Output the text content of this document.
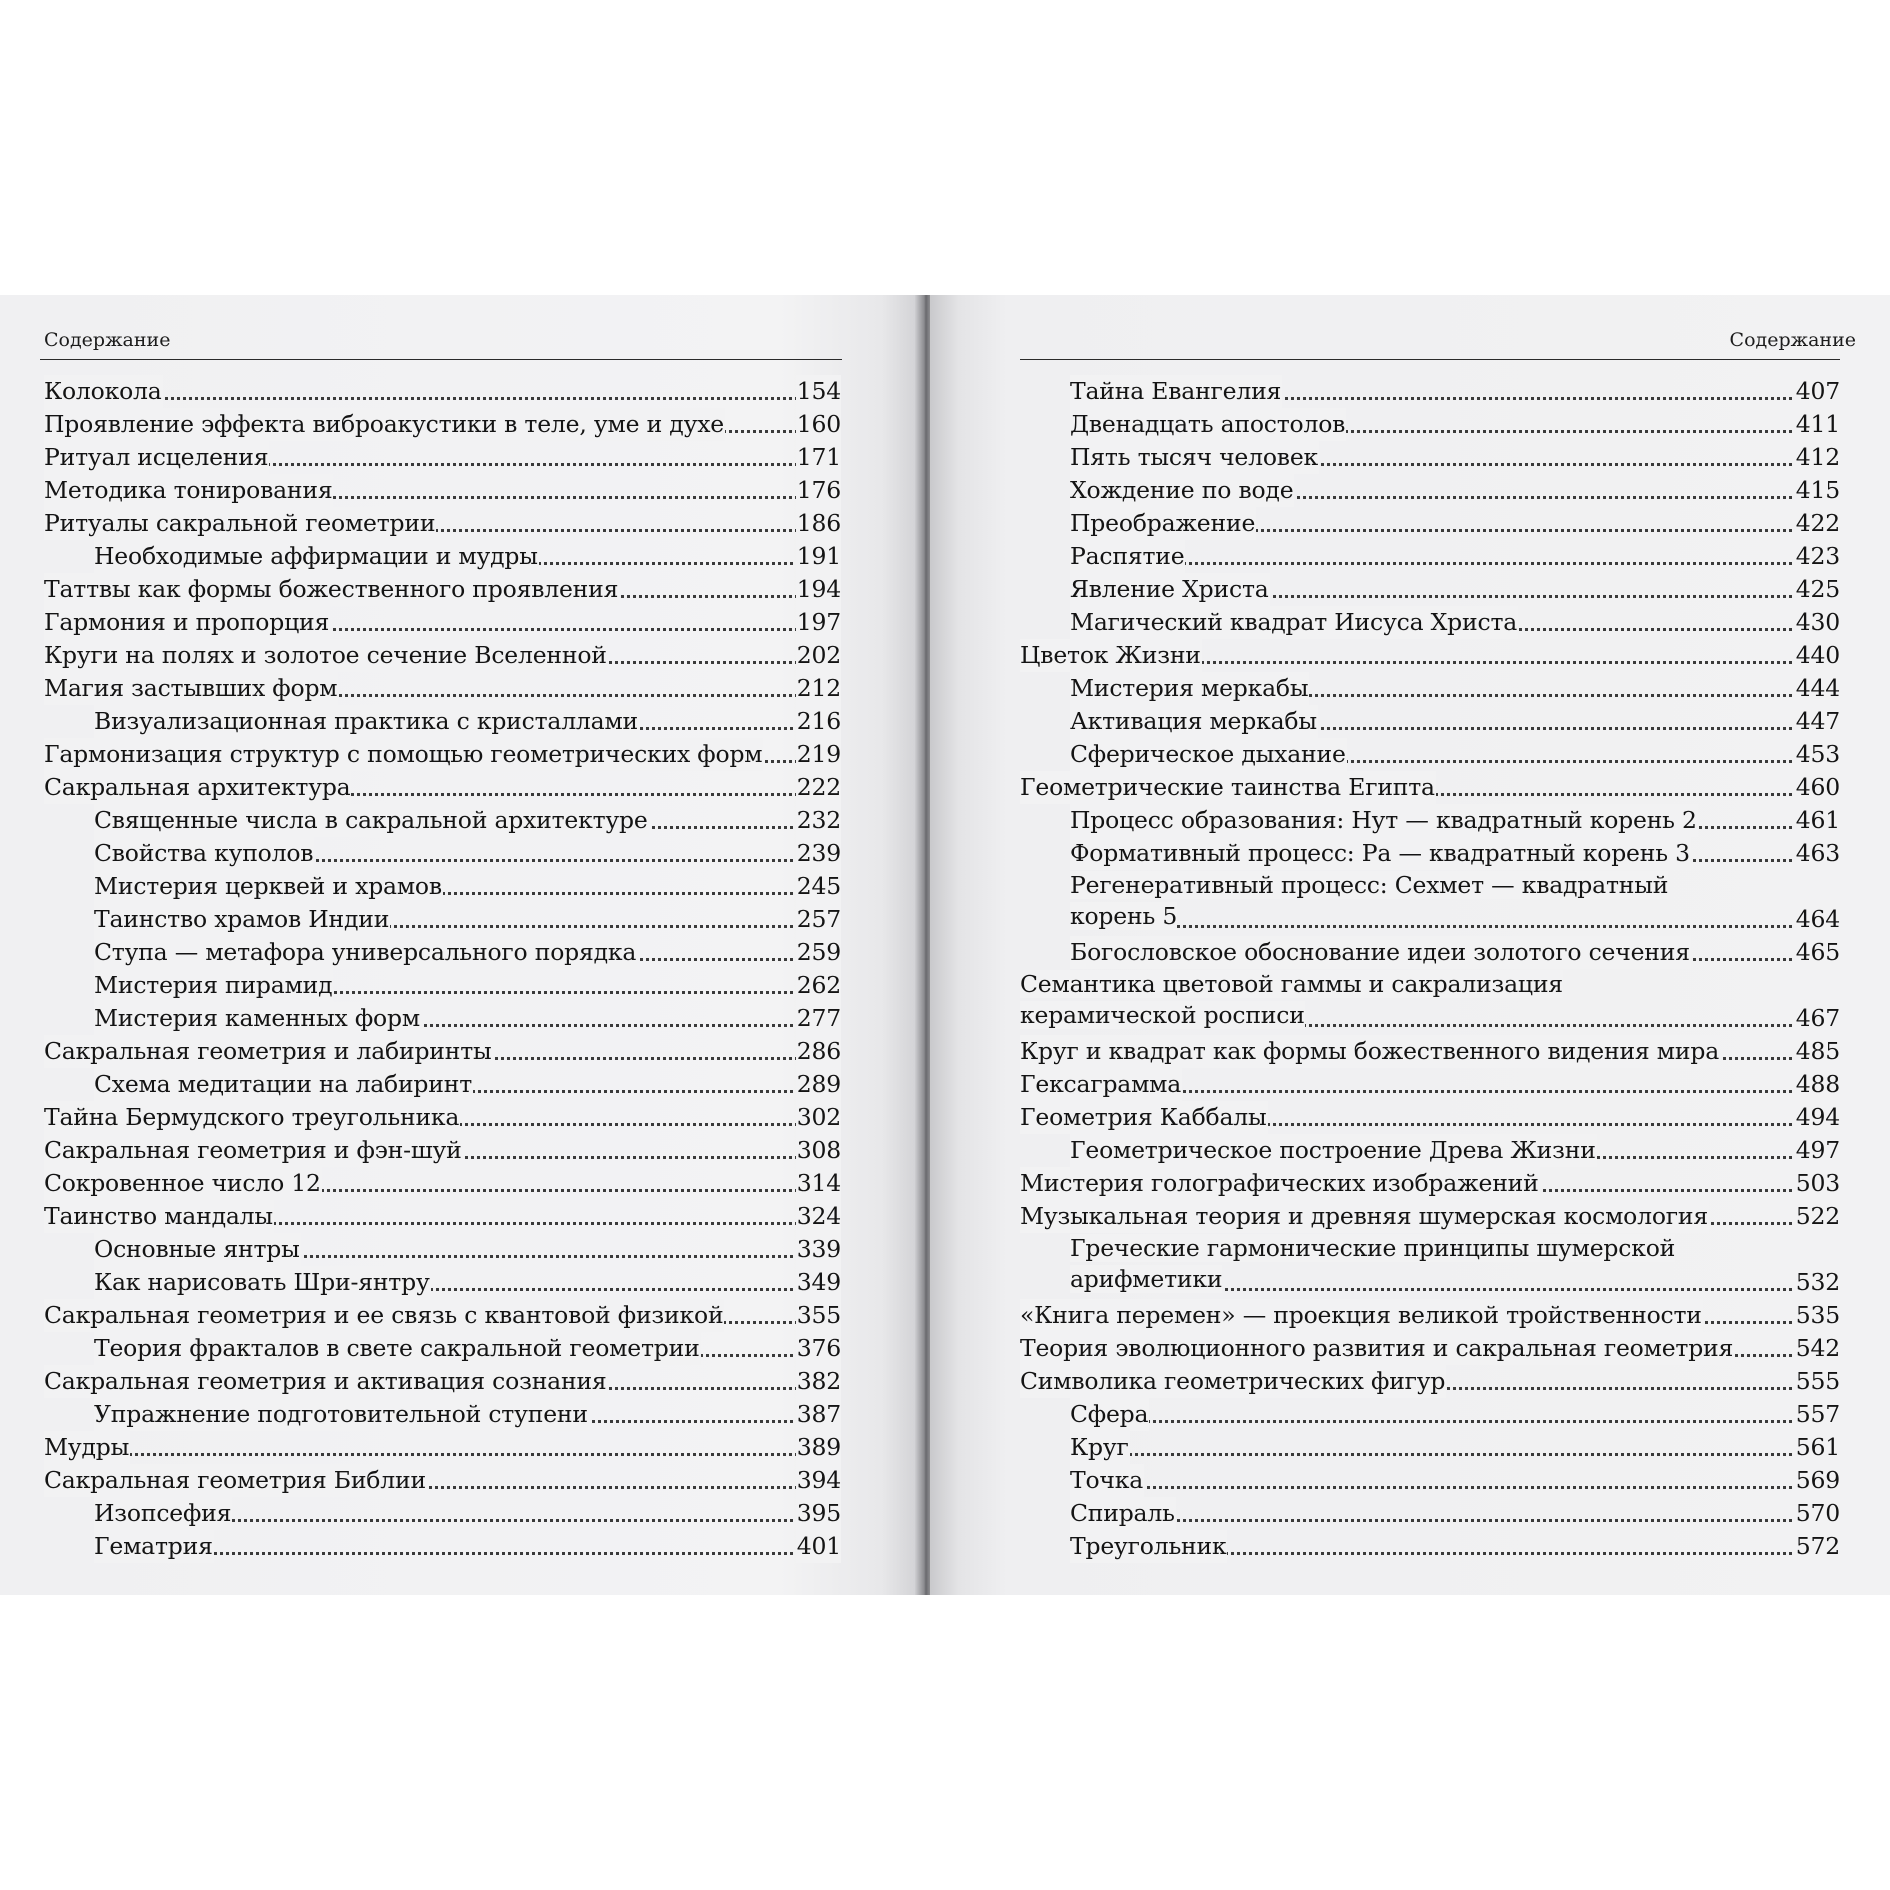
Содержание
Колокола	154
Проявление эффекта виброакустики в теле, уме и духе	160
Ритуал исцеления	171
Методика тонирования	176
Ритуалы сакральной геометрии	186
Необходимые аффирмации и мудры	191
Таттвы как формы божественного проявления	194
Гармония и пропорция	197
Круги на полях и золотое сечение Вселенной	202
Магия застывших форм	212
Визуализационная практика с кристаллами	216
Гармонизация структур с помощью геометрических форм 219
Сакральная архитектура	222
Священные числа в сакральной архитектуре	232
Свойства куполов	239
Мистерия церквей и храмов	245
Таинство храмов Индии	257
Ступа — метафора универсального порядка	259
Мистерия пирамид	262
Мистерия каменных форм	277
Сакральная геометрия и лабиринты	286
Схема медитации на лабиринт	289
Тайна Бермудского треугольника	302
Сакральная геометрия и фэн-шуй	308
Сокровенное число 12	314
Таинство мандалы	324
Основные янтры	339
Как нарисовать Шри-янтру	349
Сакральная геометрия и ее связь с квантовой физикой	355
Теория фракталов в свете сакральной геометрии	376
Сакральная геометрия и активация сознания	382
Упражнение подготовительной ступени	387
Мудры	389
Сакральная геометрия Библии	394
Изопсефия	395
Гематрия	401
Содержание
Тайна Евангелия	407
Двенадцать апостолов	411
Пять тысяч человек	412
Хождение по воде	415
Преображение	422
Распятие	423
Явление Христа	425
Магический квадрат Иисуса Христа	430
Цветок Жизни	440
Мистерия меркабы	444
Активация меркабы	447
Сферическое дыхание	453
Геометрические таинства Египта	460
Процесс образования: Нут — квадратный корень 2	461
Формативный процесс: Ра — квадратный корень 3	463
Регенеративный процесс: Сехмет — квадратный корень 5	464
Богословское обоснование идеи золотого сечения	465
Семантика цветовой гаммы и сакрализация керамической росписи	467
Круг и квадрат как формы божественного видения мира	485
Гексаграмма	488
Геометрия Каббалы	494
Геометрическое построение Древа Жизни	497
Мистерия голографических изображений	503
Музыкальная теория и древняя шумерская космология	522
Греческие гармонические принципы шумерской арифметики	532
«Книга перемен» — проекция великой тройственности	535
Теория эволюционного развития и сакральная геометрия	542
Символика геометрических фигур	555
Сфера	557
Круг	561
Точка	569
Спираль	570
Треугольник	572
